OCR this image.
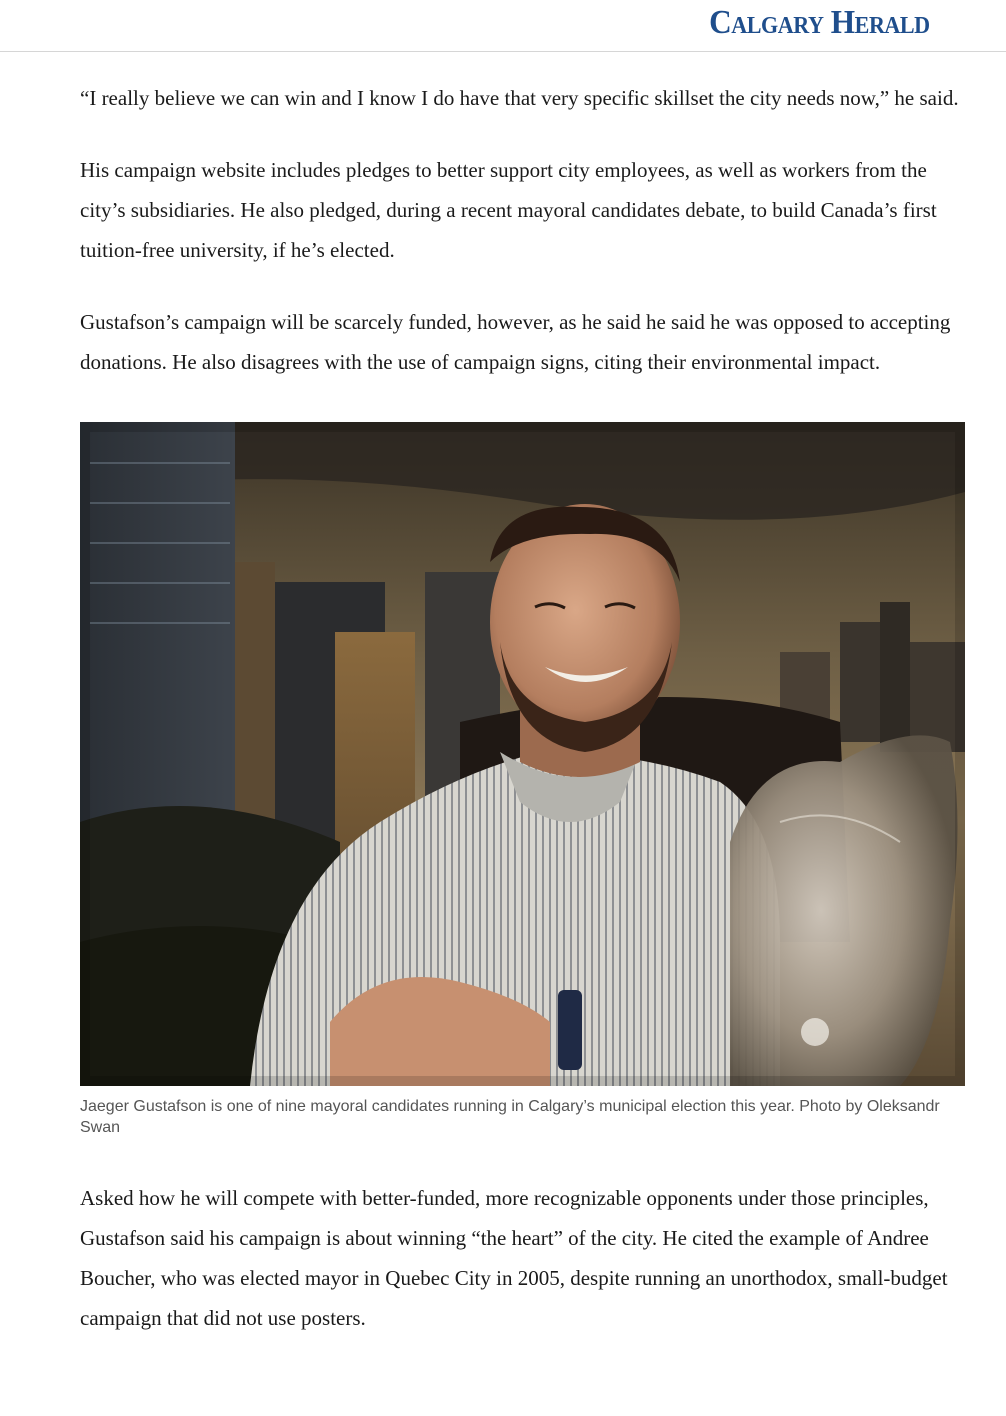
Calgary Herald

“I really believe we can win and I know I do have that very specific skillset the city needs now,” he said.

His campaign website includes pledges to better support city employees, as well as workers from the city’s subsidiaries. He also pledged, during a recent mayoral candidates debate, to build Canada’s first tuition-free university, if he’s elected.

Gustafson’s campaign will be scarcely funded, however, as he said he said he was opposed to accepting donations. He also disagrees with the use of campaign signs, citing their environmental impact.

Jaeger Gustafson is one of nine mayoral candidates running in Calgary’s municipal election this year. Photo by Oleksandr Swan

Asked how he will compete with better-funded, more recognizable opponents under those principles, Gustafson said his campaign is about winning “the heart” of the city. He cited the example of Andree Boucher, who was elected mayor in Quebec City in 2005, despite running an unorthodox, small-budget campaign that did not use posters.
